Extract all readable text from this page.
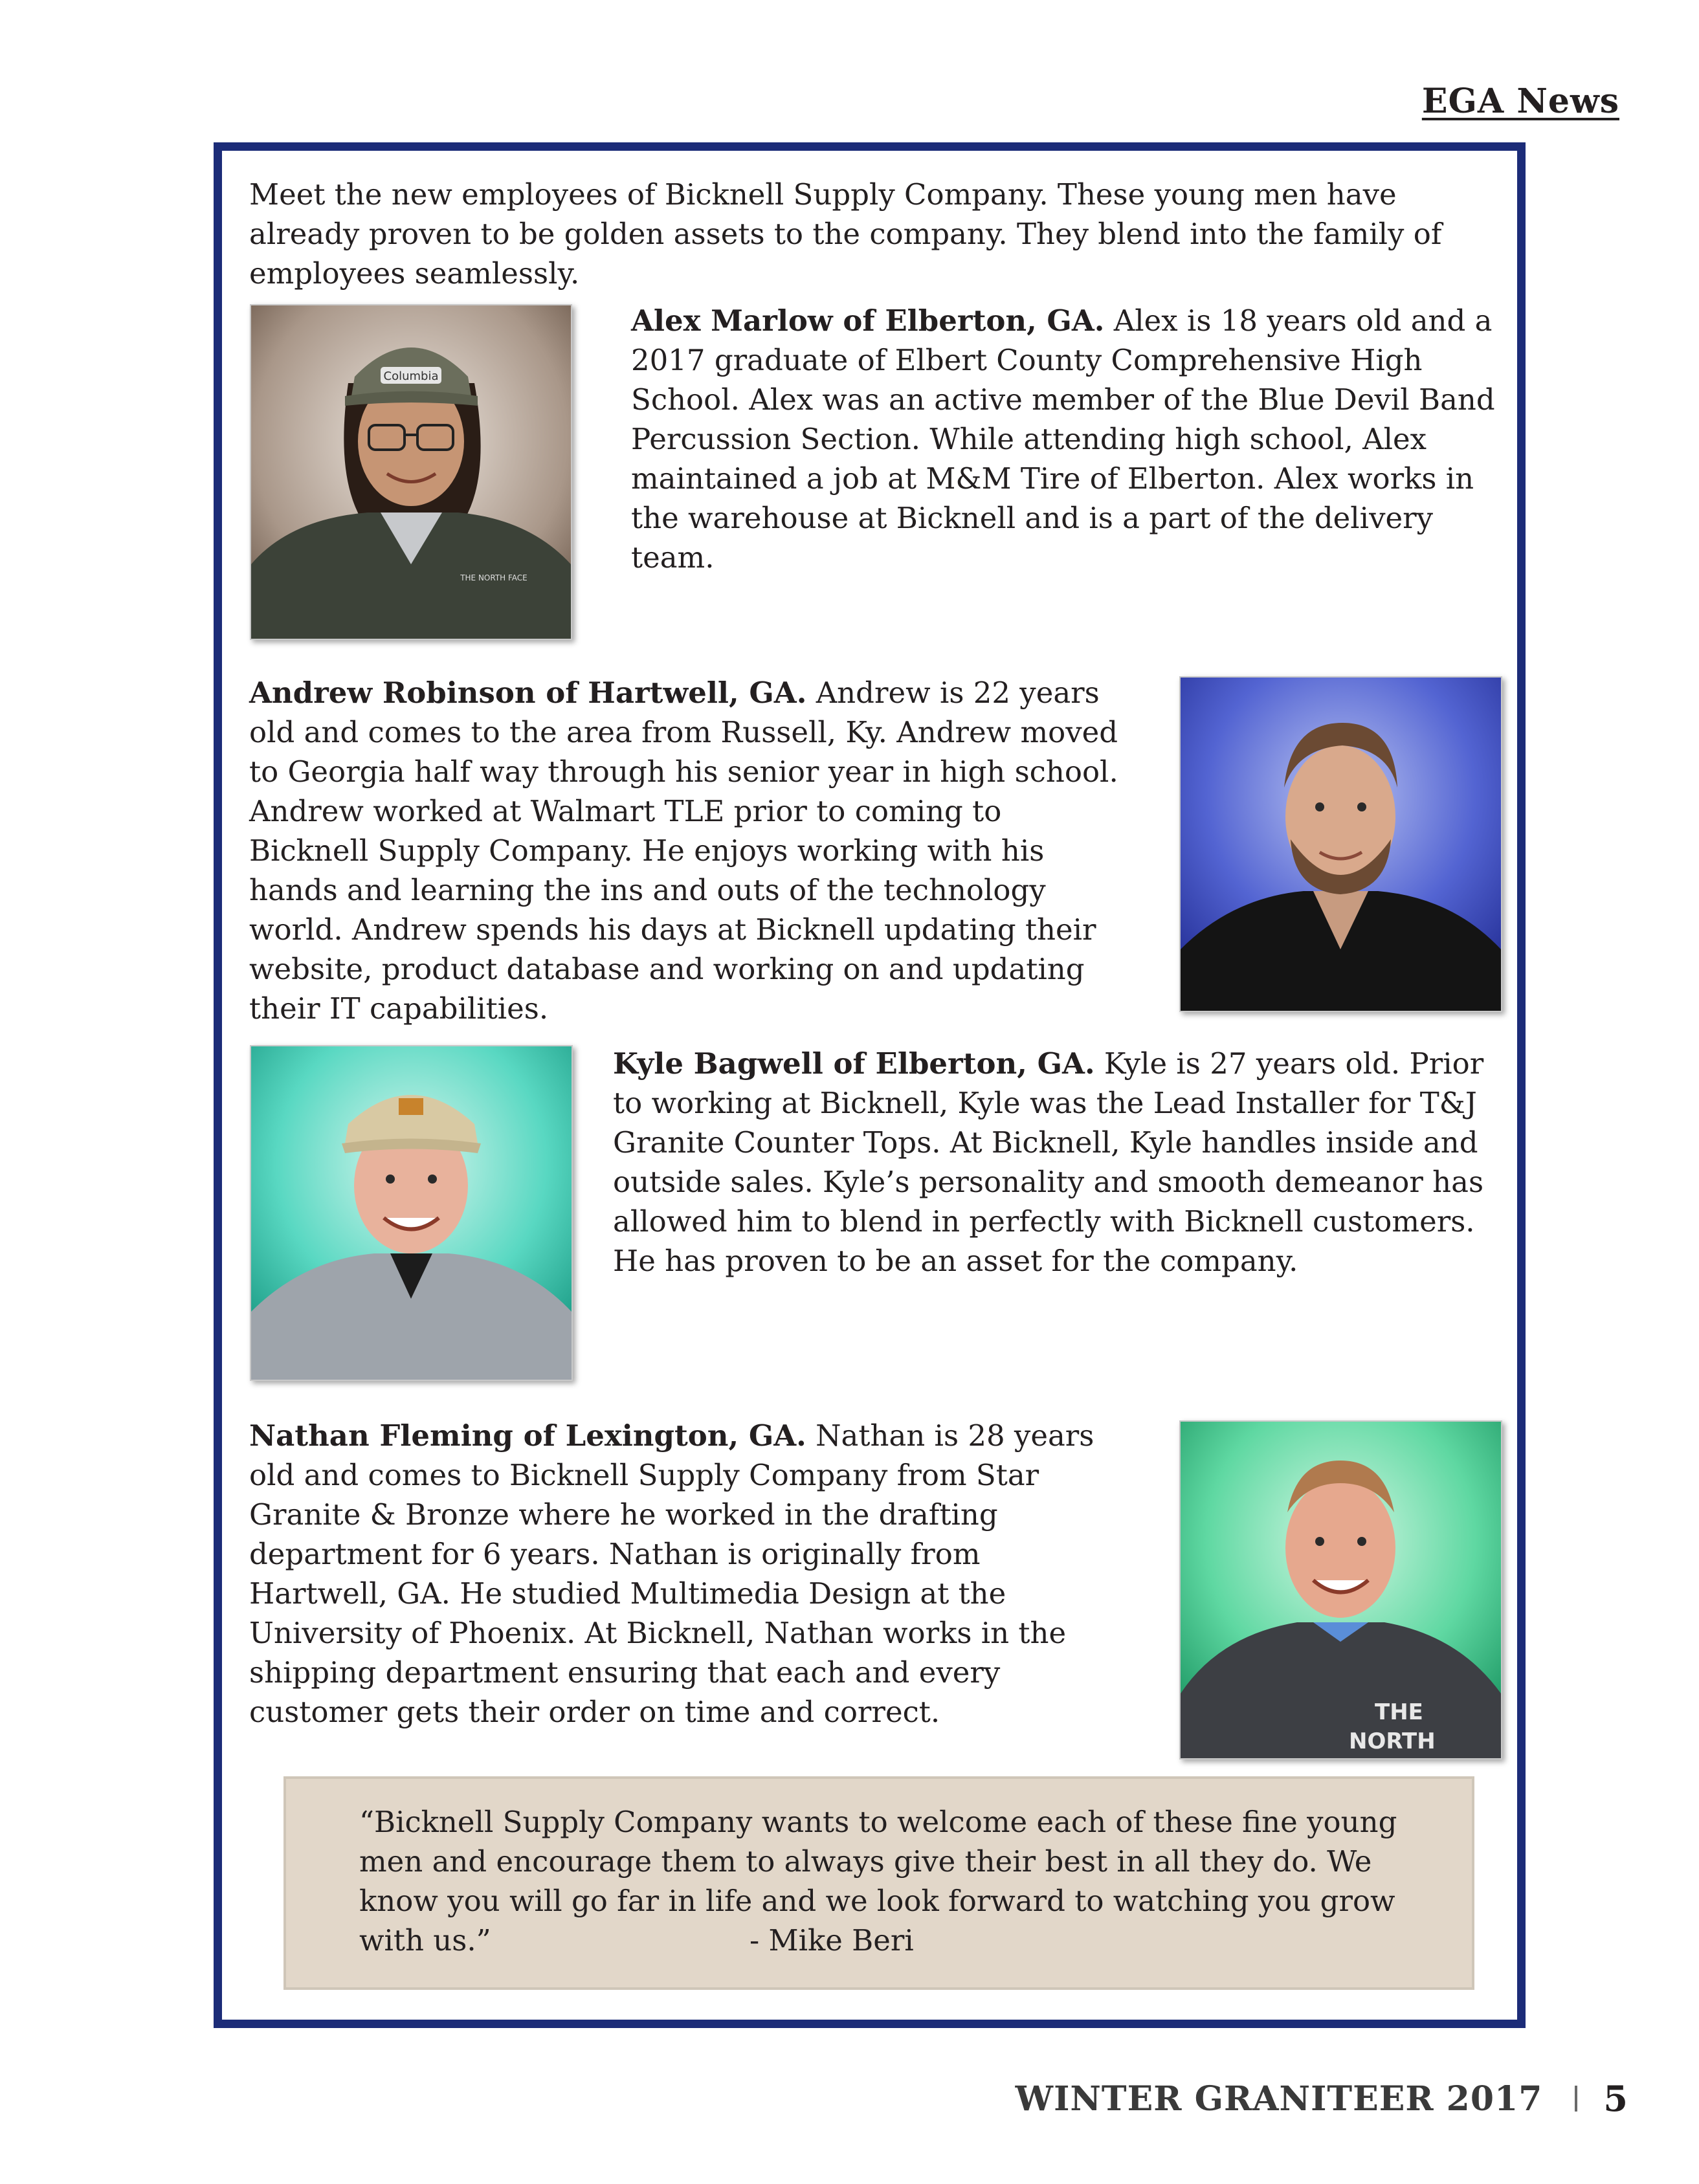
EGA News

Meet the new employees of Bicknell Supply Company. These young men have already proven to be golden assets to the company. They blend into the family of employees seamlessly.

Columbia
THE NORTH FACE

Alex Marlow of Elberton, GA. Alex is 18 years old and a 2017 graduate of Elbert County Comprehensive High School. Alex was an active member of the Blue Devil Band Percussion Section. While attending high school, Alex maintained a job at M&M Tire of Elberton. Alex works in the warehouse at Bicknell and is a part of the delivery team.

Andrew Robinson of Hartwell, GA. Andrew is 22 years old and comes to the area from Russell, Ky. Andrew moved to Georgia half way through his senior year in high school. Andrew worked at Walmart TLE prior to coming to Bicknell Supply Company. He enjoys working with his hands and learning the ins and outs of the technology world. Andrew spends his days at Bicknell updating their website, product database and working on and updating their IT capabilities.

Kyle Bagwell of Elberton, GA. Kyle is 27 years old. Prior to working at Bicknell, Kyle was the Lead Installer for T&J Granite Counter Tops. At Bicknell, Kyle handles inside and outside sales. Kyle’s personality and smooth demeanor has allowed him to blend in perfectly with Bicknell customers. He has proven to be an asset for the company.

Nathan Fleming of Lexington, GA. Nathan is 28 years old and comes to Bicknell Supply Company from Star Granite & Bronze where he worked in the drafting department for 6 years. Nathan is originally from Hartwell, GA. He studied Multimedia Design at the University of Phoenix. At Bicknell, Nathan works in the shipping department ensuring that each and every customer gets their order on time and correct.	THE
NORTH

“Bicknell Supply Company wants to welcome each of these fine young men and encourage them to always give their best in all they do. We know you will go far in life and we look forward to watching you grow with us.”	- Mike Beri
WINTER GRANITEER 2017 5
